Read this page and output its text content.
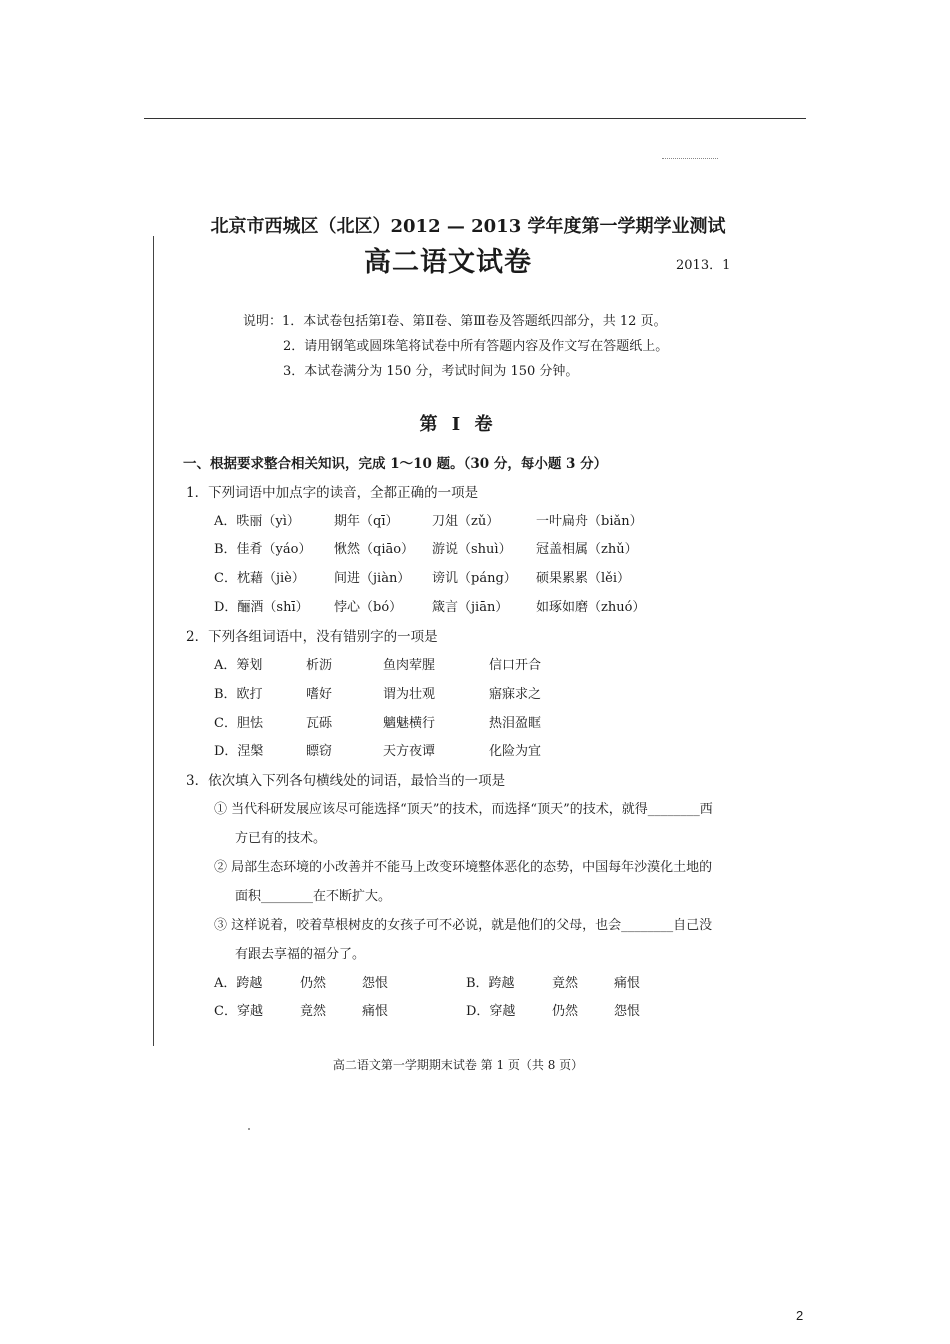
北京市西城区（北区）2012 — 2013 学年度第一学期学业测试
高二语文试卷	2013．1
说明：1．本试卷包括第Ⅰ卷、第Ⅱ卷、第Ⅲ卷及答题纸四部分，共 12 页。
2．请用钢笔或圆珠笔将试卷中所有答题内容及作文写在答题纸上。
3．本试卷满分为 150 分，考试时间为 150 分钟。
第 Ⅰ 卷
一、根据要求整合相关知识，完成 1～10 题。（30 分，每小题 3 分）
1．下列词语中加点字的读音，全都正确的一项是
A．昳丽（yì）	期年（qī）	刀俎（zǔ）	一叶扁舟（biǎn）
B．佳肴（yáo） 愀然（qiāo） 游说（shuì） 冠盖相属（zhǔ）
C．枕藉（jiè） 间进（jiàn） 谤讥（páng） 硕果累累（lěi）
D．酾酒（shī） 悖心（bó） 箴言（jiān） 如琢如磨（zhuó）
2．下列各组词语中，没有错别字的一项是
A．筹划	析沥	鱼肉荤腥	信口开合
B．欧打	嗜好	谓为壮观	寤寐求之
C．胆怯	瓦砾	魑魅横行	热泪盈眶
D．涅槃	瞟窃	天方夜谭	化险为宜
3．依次填入下列各句横线处的词语，最恰当的一项是
① 当代科研发展应该尽可能选择“顶天”的技术，而选择“顶天”的技术，就得________西
方已有的技术。
② 局部生态环境的小改善并不能马上改变环境整体恶化的态势，中国每年沙漠化土地的
面积________在不断扩大。
③ 这样说着，咬着草根树皮的女孩子可不必说，就是他们的父母，也会________自己没
有跟去享福的福分了。
A．跨越	仍然	怨恨	B．跨越	竟然	痛恨
C．穿越	竟然	痛恨	D．穿越	仍然	怨恨
高二语文第一学期期末试卷 第 1 页（共 8 页）
2
